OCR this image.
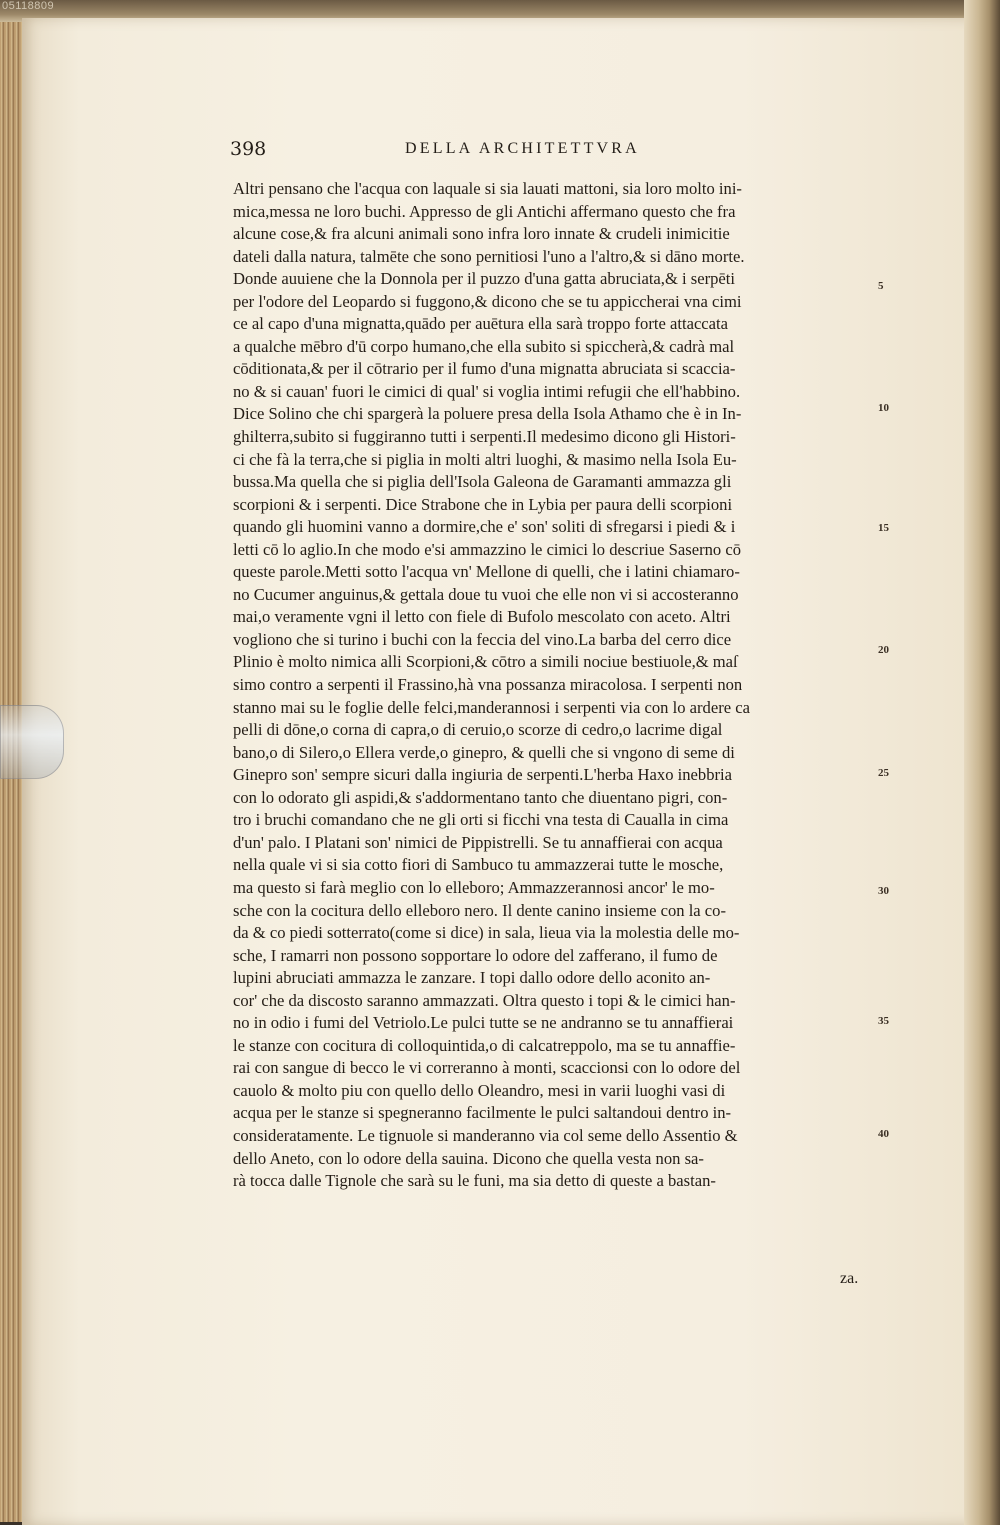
05118809
398	DELLA ARCHITETTVRA
Altri pensano che l'acqua con laquale si sia lauati mattoni, sia loro molto ini-
mica,messa ne loro buchi. Appresso de gli Antichi affermano questo che fra
alcune cose,& fra alcuni animali sono infra loro innate & crudeli inimicitie
dateli dalla natura, talmēte che sono pernitiosi l'uno a l'altro,& si dāno morte.
Donde auuiene che la Donnola per il puzzo d'una gatta abruciata,& i serpēti
per l'odore del Leopardo si fuggono,& dicono che se tu appiccherai vna cimi
ce al capo d'una mignatta,quādo per auētura ella sarà troppo forte attaccata
a qualche mēbro d'ū corpo humano,che ella subito si spiccherà,& cadrà mal
cōditionata,& per il cōtrario per il fumo d'una mignatta abruciata si scaccia-
no & si cauan' fuori le cimici di qual' si voglia intimi refugii che ell'habbino.
Dice Solino che chi spargerà la poluere presa della Isola Athamo che è in In-
ghilterra,subito si fuggiranno tutti i serpenti.Il medesimo dicono gli Histori-
ci che fà la terra,che si piglia in molti altri luoghi, & masimo nella Isola Eu-
bussa.Ma quella che si piglia dell'Isola Galeona de Garamanti ammazza gli
scorpioni & i serpenti. Dice Strabone che in Lybia per paura delli scorpioni
quando gli huomini vanno a dormire,che e' son' soliti di sfregarsi i piedi & i
letti cō lo aglio.In che modo e'si ammazzino le cimici lo descriue Saserno cō
queste parole.Metti sotto l'acqua vn' Mellone di quelli, che i latini chiamaro-
no Cucumer anguinus,& gettala doue tu vuoi che elle non vi si accosteranno
mai,o veramente vgni il letto con fiele di Bufolo mescolato con aceto. Altri
vogliono che si turino i buchi con la feccia del vino.La barba del cerro dice
Plinio è molto nimica alli Scorpioni,& cōtro a simili nociue bestiuole,& maſ
simo contro a serpenti il Frassino,hà vna possanza miracolosa. I serpenti non
stanno mai su le foglie delle felci,manderannosi i serpenti via con lo ardere ca
pelli di dōne,o corna di capra,o di ceruio,o scorze di cedro,o lacrime digal
bano,o di Silero,o Ellera verde,o ginepro, & quelli che si vngono di seme di
Ginepro son' sempre sicuri dalla ingiuria de serpenti.L'herba Haxo inebbria
con lo odorato gli aspidi,& s'addormentano tanto che diuentano pigri, con-
tro i bruchi comandano che ne gli orti si ficchi vna testa di Caualla in cima
d'un' palo. I Platani son' nimici de Pippistrelli. Se tu annaffierai con acqua
nella quale vi si sia cotto fiori di Sambuco tu ammazzerai tutte le mosche,
ma questo si farà meglio con lo elleboro; Ammazzerannosi ancor' le mo-
sche con la cocitura dello elleboro nero. Il dente canino insieme con la co-
da & co piedi sotterrato(come si dice) in sala, lieua via la molestia delle mo-
sche, I ramarri non possono sopportare lo odore del zafferano, il fumo de
lupini abruciati ammazza le zanzare. I topi dallo odore dello aconito an-
cor' che da discosto saranno ammazzati. Oltra questo i topi & le cimici han-
no in odio i fumi del Vetriolo.Le pulci tutte se ne andranno se tu annaffierai
le stanze con cocitura di colloquintida,o di calcatreppolo, ma se tu annaffie-
rai con sangue di becco le vi correranno à monti, scaccionsi con lo odore del
cauolo & molto piu con quello dello Oleandro, mesi in varii luoghi vasi di
acqua per le stanze si spegneranno facilmente le pulci saltandoui dentro in-
consideratamente. Le tignuole si manderanno via col seme dello Assentio &
dello Aneto, con lo odore della sauina. Dicono che quella vesta non sa-
rà tocca dalle Tignole che sarà su le funi, ma sia detto di queste a bastan-
5
10
15
20
25
30
35
40
za.
